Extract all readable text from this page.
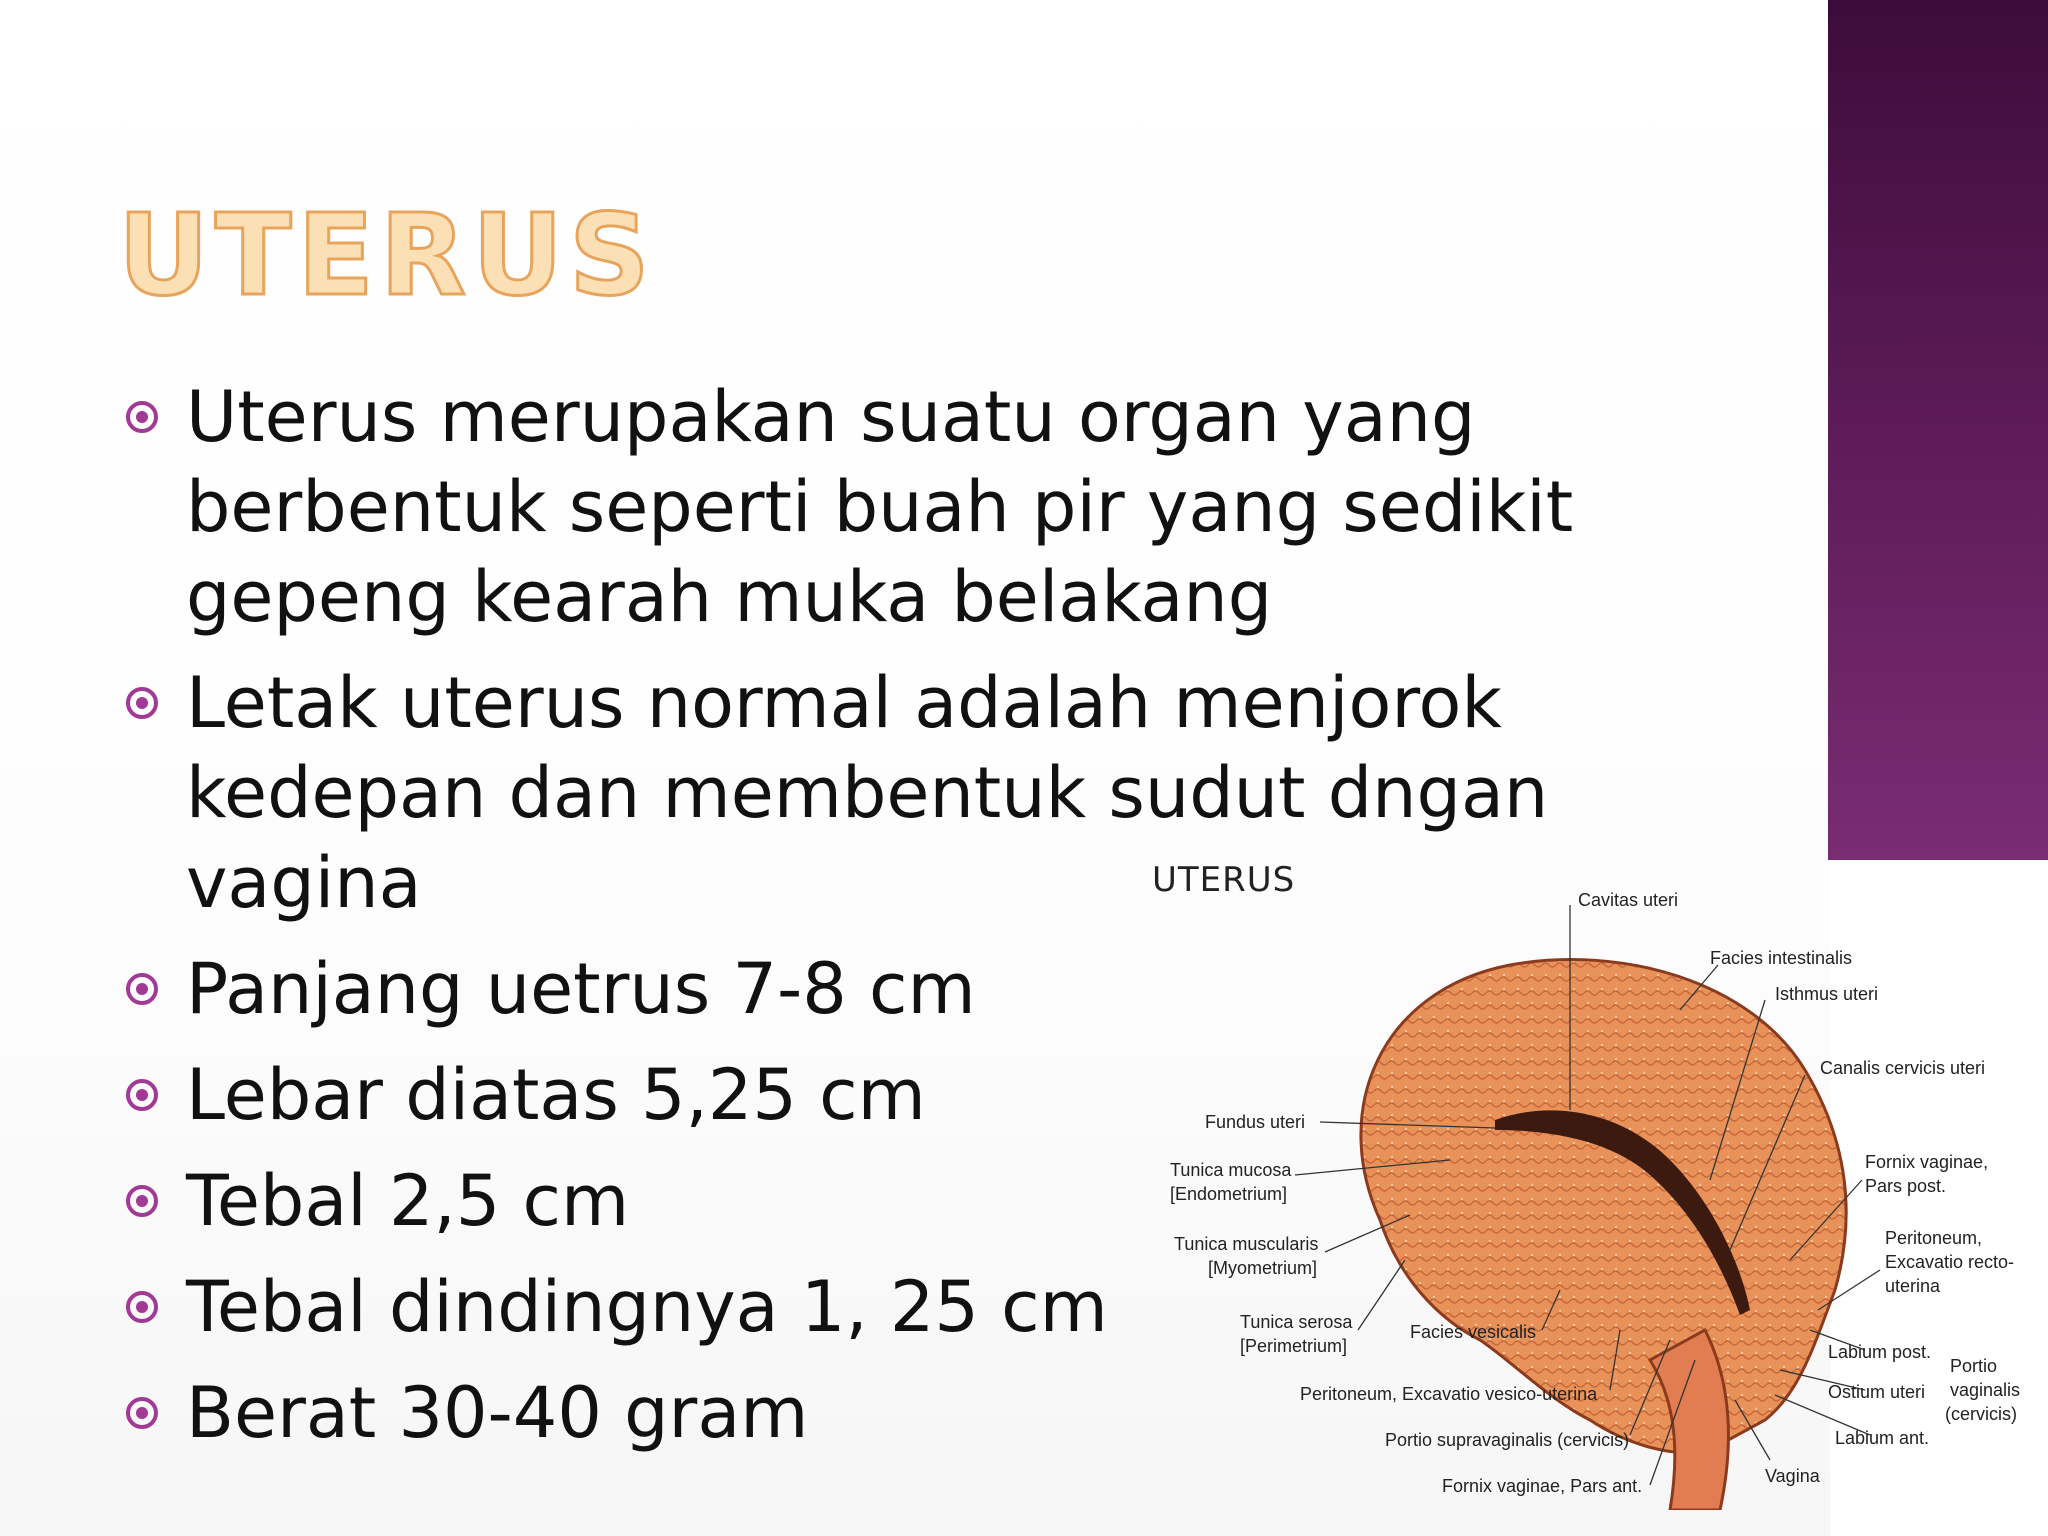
UTERUS
Uterus merupakan suatu organ yang berbentuk seperti buah pir yang sedikit gepeng kearah muka belakang
Letak uterus normal adalah menjorok kedepan dan membentuk sudut dngan vagina
Panjang uetrus 7-8 cm
Lebar diatas 5,25 cm
Tebal 2,5 cm
Tebal dindingnya 1, 25 cm
Berat 30-40 gram
UTERUS	Cavitas uteri
Facies intestinalis
Isthmus uteri
Canalis cervicis uteri
Fundus uteri
Tunica mucosa
[Endometrium]
Tunica muscularis
[Myometrium]
Tunica serosa
[Perimetrium]
Facies vesicalis
Peritoneum, Excavatio vesico-uterina
Portio supravaginalis (cervicis)
Fornix vaginae, Pars ant.	Vagina
Fornix vaginae,
Pars post.
Peritoneum,
Excavatio recto-
uterina
Labium post.
Ostium uteri
Labium ant.
Portio
vaginalis
(cervicis)
